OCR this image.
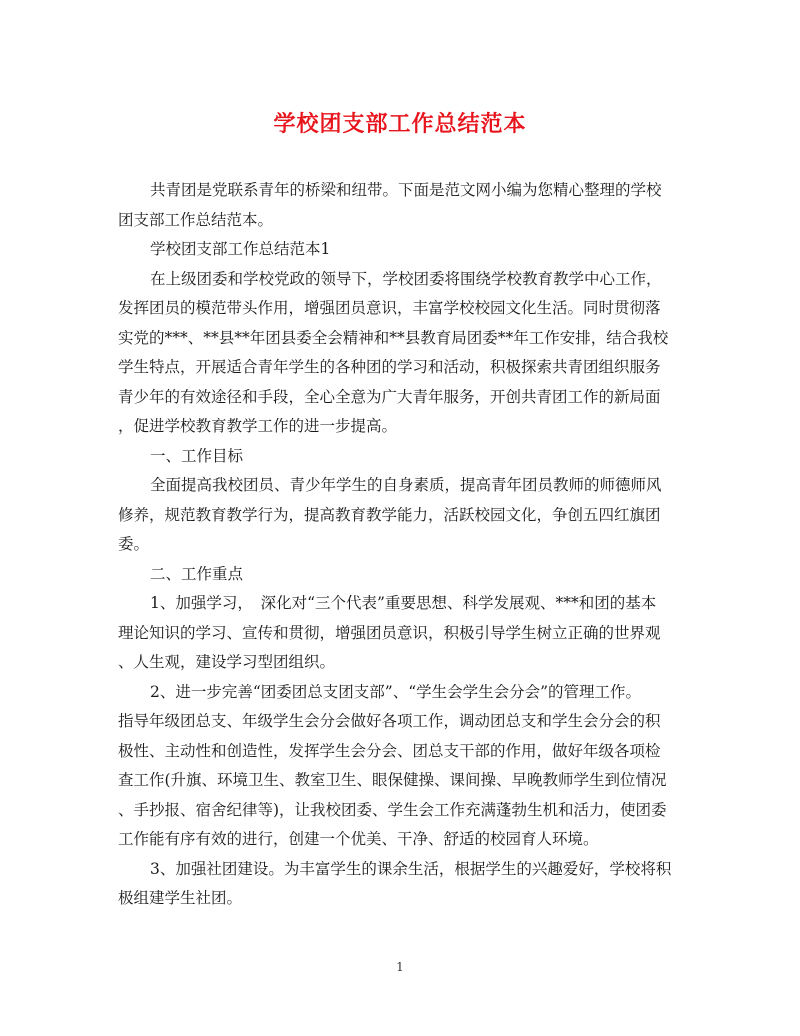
学校团支部工作总结范本
共青团是党联系青年的桥梁和纽带。下面是范文网小编为您精心整理的学校
团支部工作总结范本。
学校团支部工作总结范本1
在上级团委和学校党政的领导下，学校团委将围绕学校教育教学中心工作，
发挥团员的模范带头作用，增强团员意识，丰富学校校园文化生活。同时贯彻落
实党的***、**县**年团县委全会精神和**县教育局团委**年工作安排，结合我校
学生特点，开展适合青年学生的各种团的学习和活动，积极探索共青团组织服务
青少年的有效途径和手段，全心全意为广大青年服务，开创共青团工作的新局面
，促进学校教育教学工作的进一步提高。
一、工作目标
全面提高我校团员、青少年学生的自身素质，提高青年团员教师的师德师风
修养，规范教育教学行为，提高教育教学能力，活跃校园文化，争创五四红旗团
委。
二、工作重点
1、加强学习，　深化对“三个代表”重要思想、科学发展观、***和团的基本
理论知识的学习、宣传和贯彻，增强团员意识，积极引导学生树立正确的世界观
、人生观，建设学习型团组织。
2、进一步完善“团委团总支团支部”、“学生会学生会分会”的管理工作。
指导年级团总支、年级学生会分会做好各项工作，调动团总支和学生会分会的积
极性、主动性和创造性，发挥学生会分会、团总支干部的作用，做好年级各项检
查工作(升旗、环境卫生、教室卫生、眼保健操、课间操、早晚教师学生到位情况
、手抄报、宿舍纪律等)，让我校团委、学生会工作充满蓬勃生机和活力，使团委
工作能有序有效的进行，创建一个优美、干净、舒适的校园育人环境。
3、加强社团建设。为丰富学生的课余生活，根据学生的兴趣爱好，学校将积
极组建学生社团。
1
